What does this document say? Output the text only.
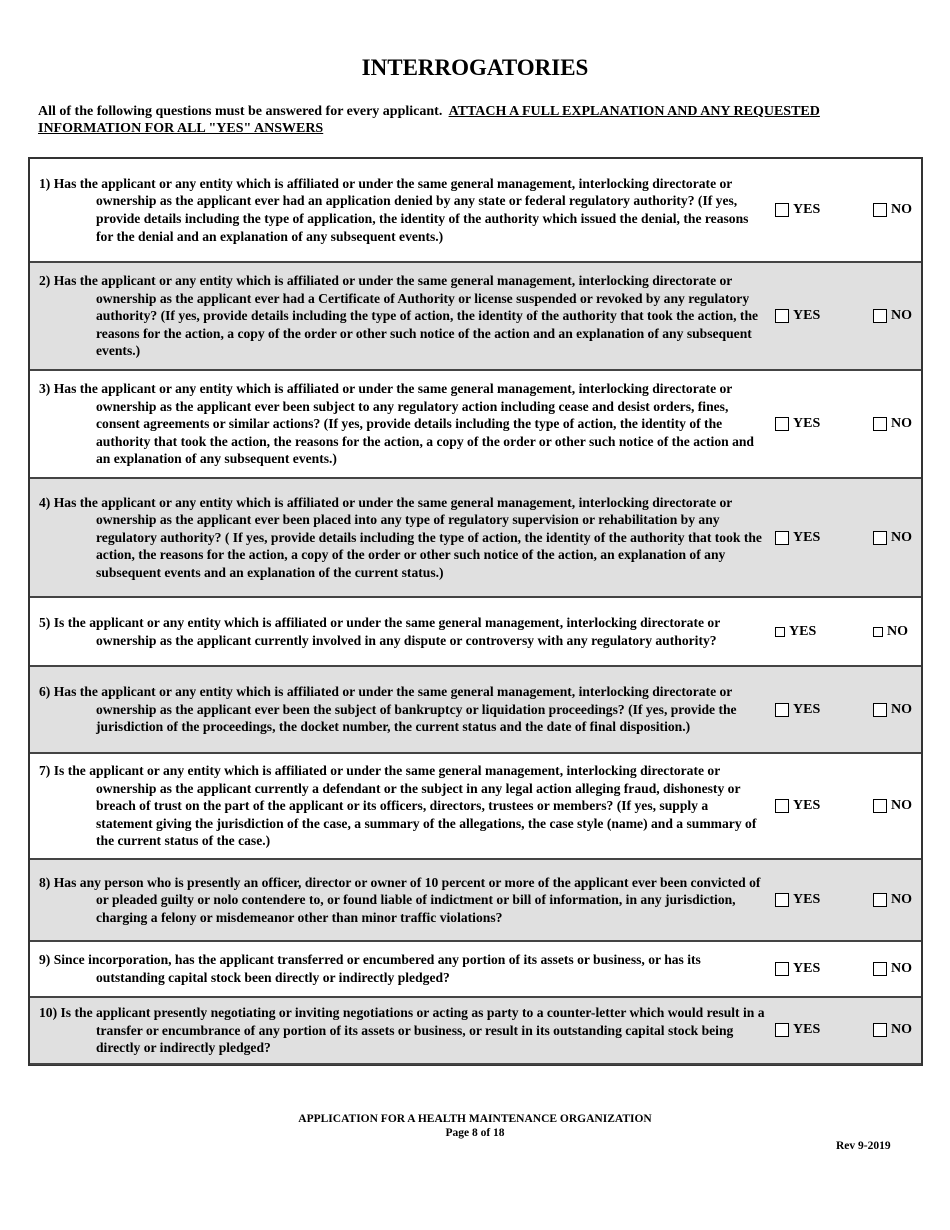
INTERROGATORIES
All of the following questions must be answered for every applicant. ATTACH A FULL EXPLANATION AND ANY REQUESTED INFORMATION FOR ALL "YES" ANSWERS
1) Has the applicant or any entity which is affiliated or under the same general management, interlocking directorate or ownership as the applicant ever had an application denied by any state or federal regulatory authority? (If yes, provide details including the type of application, the identity of the authority which issued the denial, the reasons for the denial and an explanation of any subsequent events.)
YES	NO
2) Has the applicant or any entity which is affiliated or under the same general management, interlocking directorate or ownership as the applicant ever had a Certificate of Authority or license suspended or revoked by any regulatory authority? (If yes, provide details including the type of action, the identity of the authority that took the action, the reasons for the action, a copy of the order or other such notice of the action and an explanation of any subsequent events.)
YES	NO
3) Has the applicant or any entity which is affiliated or under the same general management, interlocking directorate or ownership as the applicant ever been subject to any regulatory action including cease and desist orders, fines, consent agreements or similar actions? (If yes, provide details including the type of action, the identity of the authority that took the action, the reasons for the action, a copy of the order or other such notice of the action and an explanation of any subsequent events.)
YES	NO
4) Has the applicant or any entity which is affiliated or under the same general management, interlocking directorate or ownership as the applicant ever been placed into any type of regulatory supervision or rehabilitation by any regulatory authority? ( If yes, provide details including the type of action, the identity of the authority that took the action, the reasons for the action, a copy of the order or other such notice of the action, an explanation of any subsequent events and an explanation of the current status.)
YES	NO
5) Is the applicant or any entity which is affiliated or under the same general management, interlocking directorate or ownership as the applicant currently involved in any dispute or controversy with any regulatory authority?
YES	NO
6) Has the applicant or any entity which is affiliated or under the same general management, interlocking directorate or ownership as the applicant ever been the subject of bankruptcy or liquidation proceedings? (If yes, provide the jurisdiction of the proceedings, the docket number, the current status and the date of final disposition.)
YES	NO
7) Is the applicant or any entity which is affiliated or under the same general management, interlocking directorate or ownership as the applicant currently a defendant or the subject in any legal action alleging fraud, dishonesty or breach of trust on the part of the applicant or its officers, directors, trustees or members? (If yes, supply a statement giving the jurisdiction of the case, a summary of the allegations, the case style (name) and a summary of the current status of the case.)
YES	NO
8) Has any person who is presently an officer, director or owner of 10 percent or more of the applicant ever been convicted of or pleaded guilty or nolo contendere to, or found liable of indictment or bill of information, in any jurisdiction, charging a felony or misdemeanor other than minor traffic violations?
YES	NO
9) Since incorporation, has the applicant transferred or encumbered any portion of its assets or business, or has its outstanding capital stock been directly or indirectly pledged?
YES	NO
10) Is the applicant presently negotiating or inviting negotiations or acting as party to a counter-letter which would result in a transfer or encumbrance of any portion of its assets or business, or result in its outstanding capital stock being directly or indirectly pledged?
YES	NO
APPLICATION FOR A HEALTH MAINTENANCE ORGANIZATION
Page 8 of 18
Rev 9-2019
